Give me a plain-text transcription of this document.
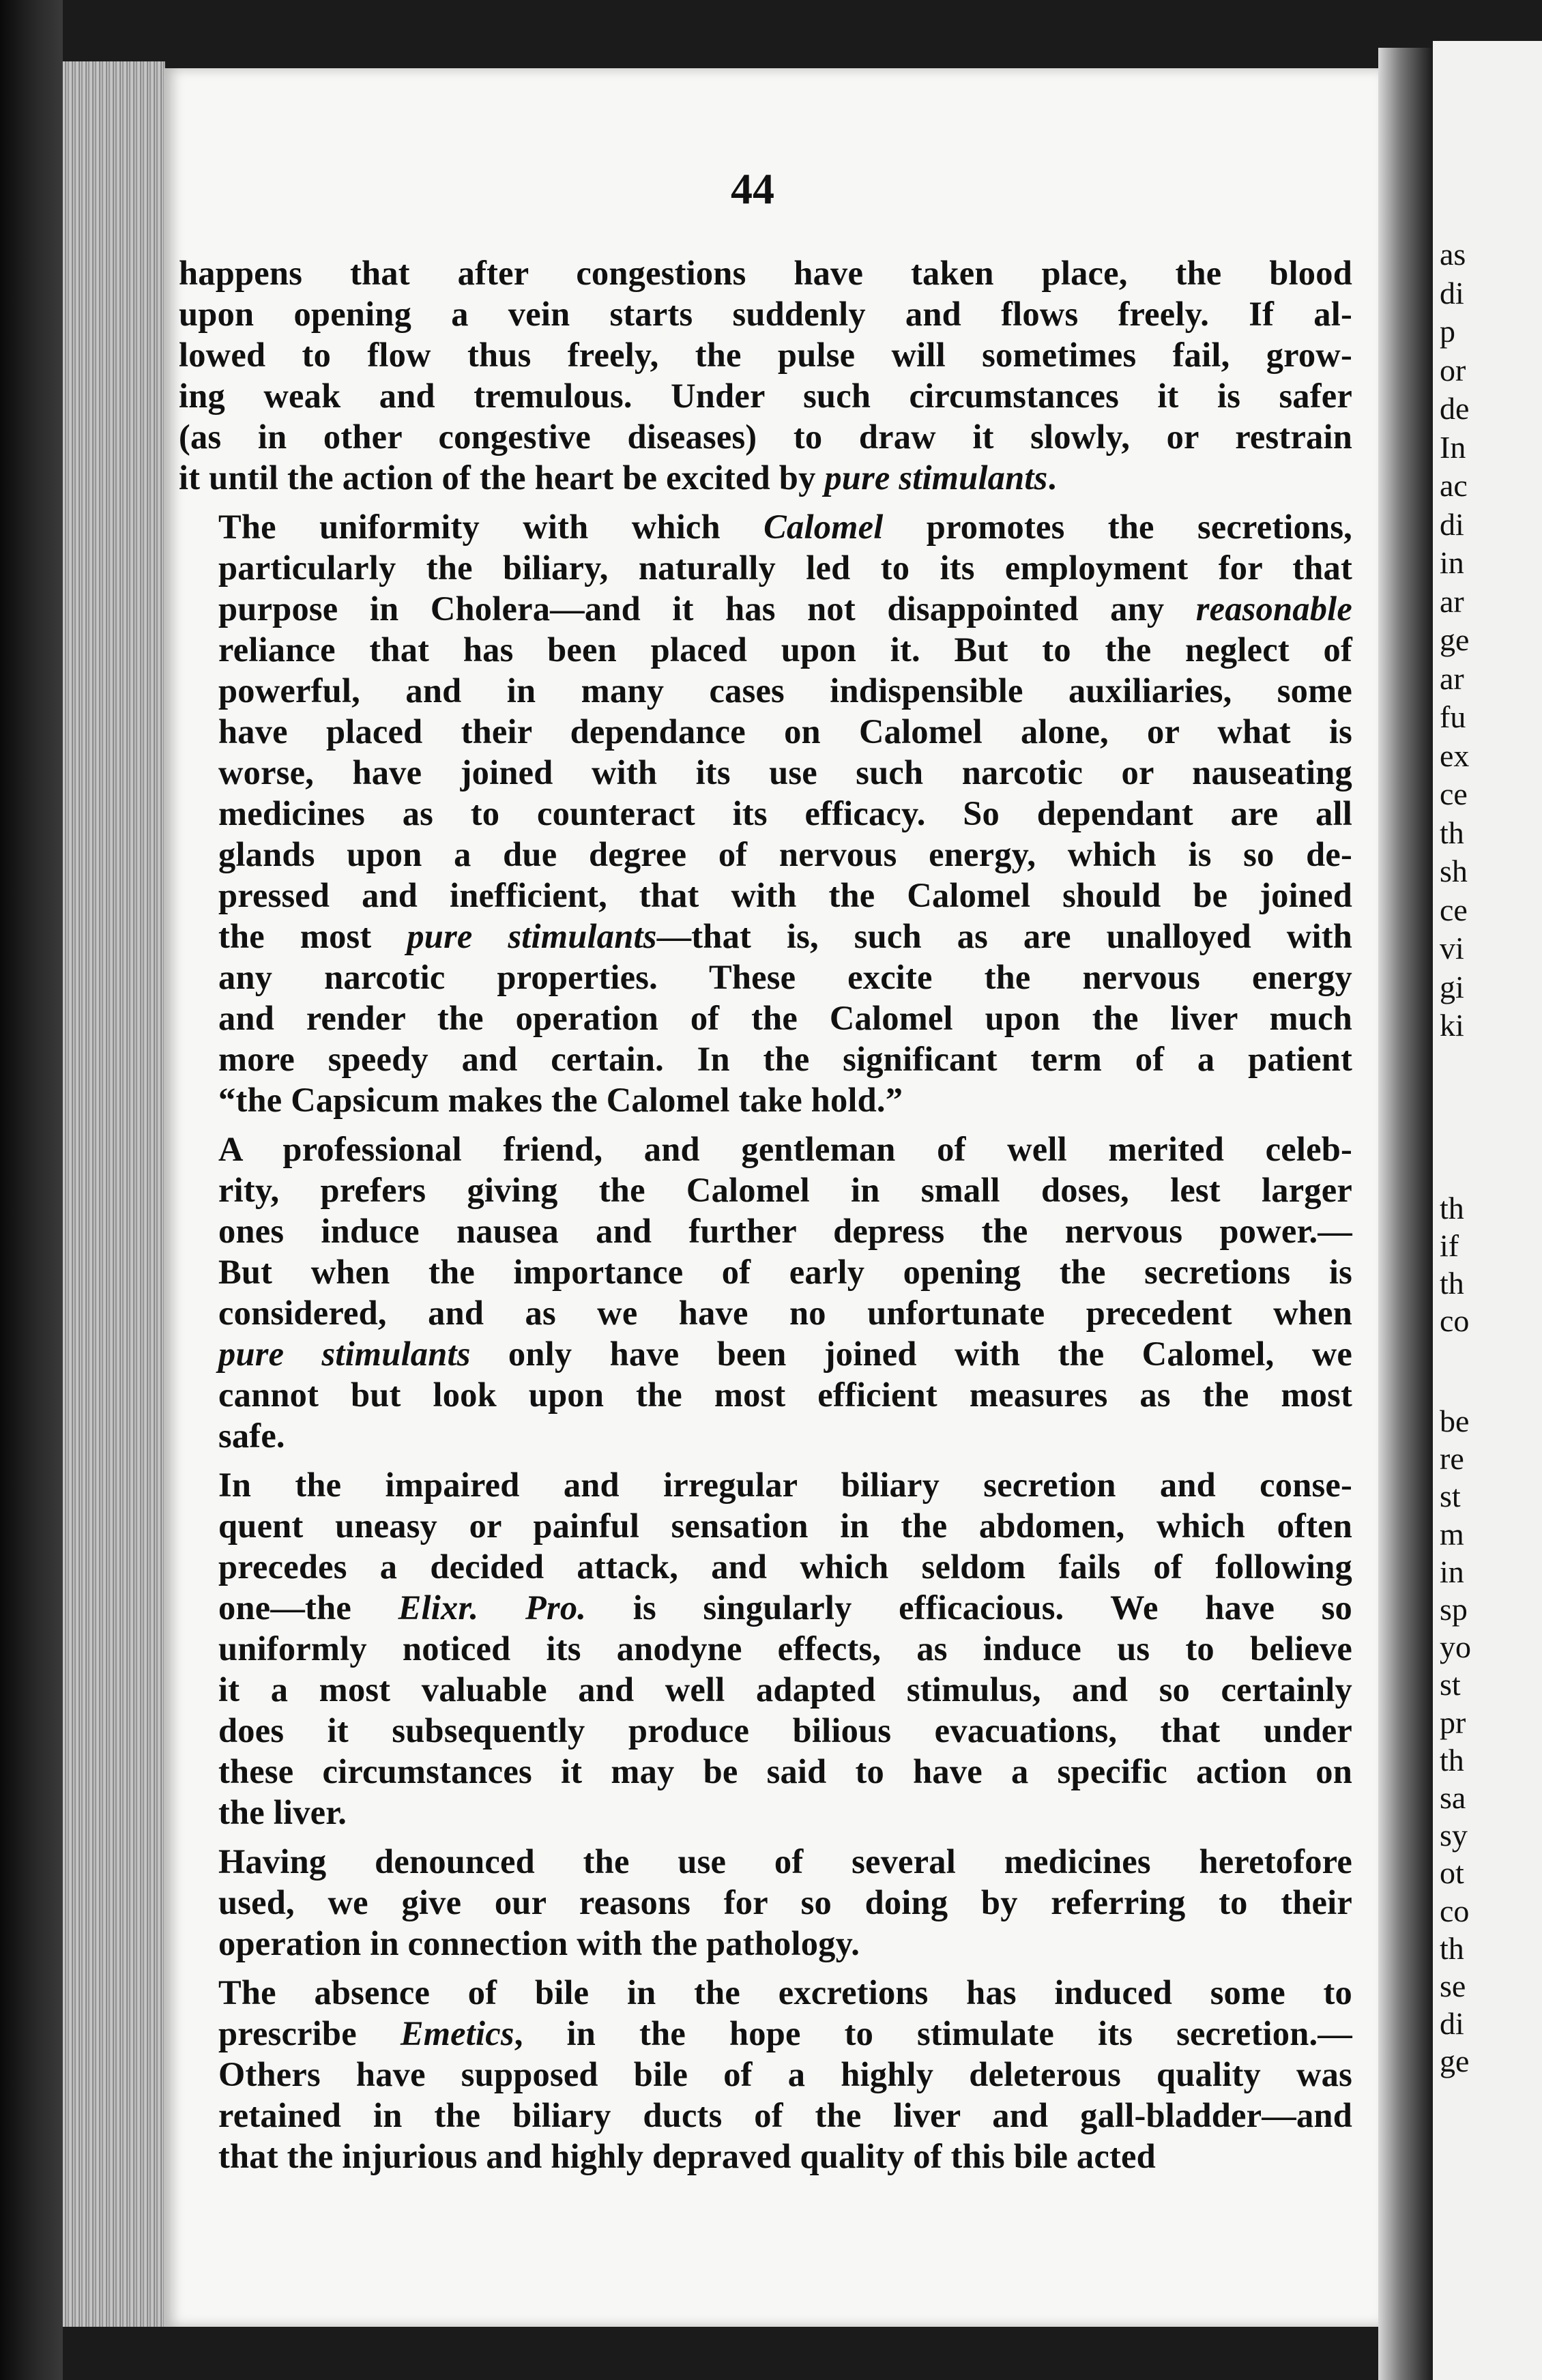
as
di
p
or
de
In
ac
di
in
ar
ge
ar
fu
ex
ce
th
sh
ce
vi
gi
ki
th
if
th
co
be
re
st
m
in
sp
yo
st
pr
th
sa
sy
ot
co
th
se
di
ge
44
happens that after congestions have taken place, the blood
upon opening a vein starts suddenly and flows freely. If al-
lowed to flow thus freely, the pulse will sometimes fail, grow-
ing weak and tremulous. Under such circumstances it is safer
(as in other congestive diseases) to draw it slowly, or restrain
it until the action of the heart be excited by pure stimulants.
The uniformity with which Calomel promotes the secretions,
particularly the biliary, naturally led to its employment for that
purpose in Cholera—and it has not disappointed any reasonable
reliance that has been placed upon it. But to the neglect of
powerful, and in many cases indispensible auxiliaries, some
have placed their dependance on Calomel alone, or what is
worse, have joined with its use such narcotic or nauseating
medicines as to counteract its efficacy. So dependant are all
glands upon a due degree of nervous energy, which is so de-
pressed and inefficient, that with the Calomel should be joined
the most pure stimulants—that is, such as are unalloyed with
any narcotic properties. These excite the nervous energy
and render the operation of the Calomel upon the liver much
more speedy and certain. In the significant term of a patient
“the Capsicum makes the Calomel take hold.”
A professional friend, and gentleman of well merited celeb-
rity, prefers giving the Calomel in small doses, lest larger
ones induce nausea and further depress the nervous power.—
But when the importance of early opening the secretions is
considered, and as we have no unfortunate precedent when
pure stimulants only have been joined with the Calomel, we
cannot but look upon the most efficient measures as the most
safe.
In the impaired and irregular biliary secretion and conse-
quent uneasy or painful sensation in the abdomen, which often
precedes a decided attack, and which seldom fails of following
one—the Elixr. Pro. is singularly efficacious. We have so
uniformly noticed its anodyne effects, as induce us to believe
it a most valuable and well adapted stimulus, and so certainly
does it subsequently produce bilious evacuations, that under
these circumstances it may be said to have a specific action on
the liver.
Having denounced the use of several medicines heretofore
used, we give our reasons for so doing by referring to their
operation in connection with the pathology.
The absence of bile in the excretions has induced some to
prescribe Emetics, in the hope to stimulate its secretion.—
Others have supposed bile of a highly deleterous quality was
retained in the biliary ducts of the liver and gall-bladder—and
that the injurious and highly depraved quality of this bile acted
